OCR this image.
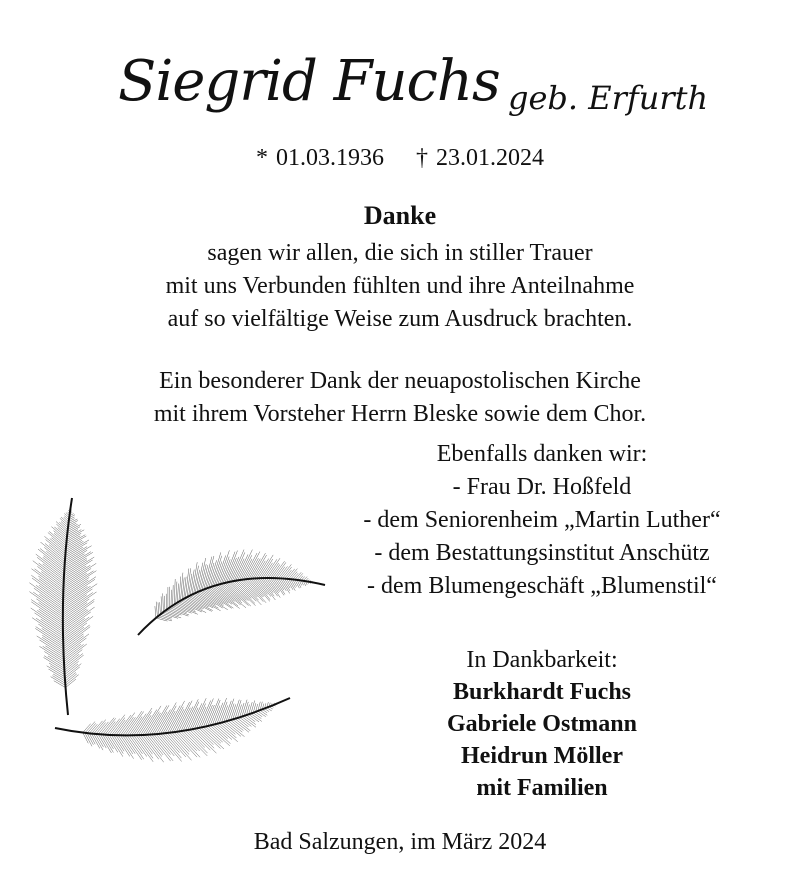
Siegrid Fuchs geb. Erfurth
* 01.03.1936 † 23.01.2024
Danke
sagen wir allen, die sich in stiller Trauer
mit uns Verbunden fühlten und ihre Anteilnahme
auf so vielfältige Weise zum Ausdruck brachten.
Ein besonderer Dank der neuapostolischen Kirche
mit ihrem Vorsteher Herrn Bleske sowie dem Chor.
Ebenfalls danken wir:
- Frau Dr. Hoßfeld
- dem Seniorenheim „Martin Luther“
- dem Bestattungsinstitut Anschütz
- dem Blumengeschäft „Blumenstil“
In Dankbarkeit:
Burkhardt Fuchs
Gabriele Ostmann
Heidrun Möller
mit Familien
Bad Salzungen, im März 2024
